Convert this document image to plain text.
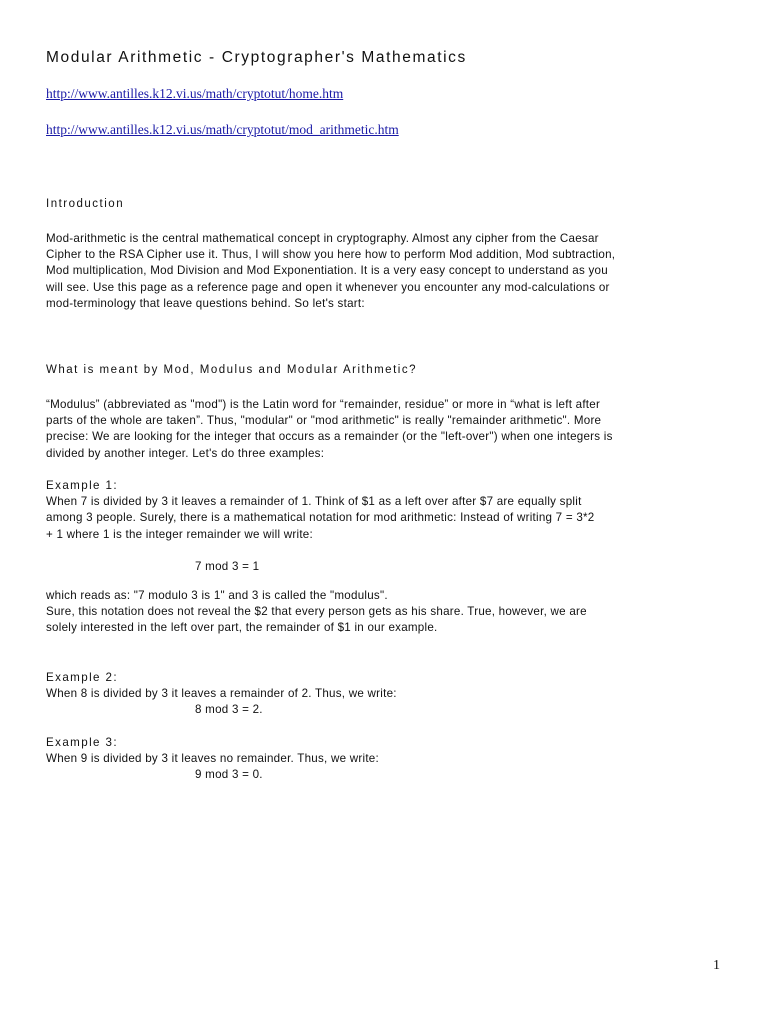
Modular Arithmetic - Cryptographer's Mathematics
http://www.antilles.k12.vi.us/math/cryptotut/home.htm
http://www.antilles.k12.vi.us/math/cryptotut/mod_arithmetic.htm
Introduction
Mod-arithmetic is the central mathematical concept in cryptography. Almost any cipher from the Caesar
Cipher to the RSA Cipher use it. Thus, I will show you here how to perform Mod addition, Mod subtraction,
Mod multiplication, Mod Division and Mod Exponentiation. It is a very easy concept to understand as you
will see. Use this page as a reference page and open it whenever you encounter any mod-calculations or
mod-terminology that leave questions behind. So let's start:
What is meant by Mod, Modulus and Modular Arithmetic?
“Modulus” (abbreviated as "mod") is the Latin word for “remainder, residue” or more in “what is left after
parts of the whole are taken”. Thus, "modular" or "mod arithmetic" is really "remainder arithmetic". More
precise: We are looking for the integer that occurs as a remainder (or the "left-over") when one integers is
divided by another integer. Let's do three examples:
Example 1:
When 7 is divided by 3 it leaves a remainder of 1. Think of $1 as a left over after $7 are equally split
among 3 people. Surely, there is a mathematical notation for mod arithmetic: Instead of writing 7 = 3*2
+ 1 where 1 is the integer remainder we will write:
7 mod 3 = 1
which reads as: "7 modulo 3 is 1" and 3 is called the "modulus".
Sure, this notation does not reveal the $2 that every person gets as his share. True, however, we are
solely interested in the left over part, the remainder of $1 in our example.
Example 2:
When 8 is divided by 3 it leaves a remainder of 2. Thus, we write:
8 mod 3 = 2.
Example 3:
When 9 is divided by 3 it leaves no remainder. Thus, we write:
9 mod 3 = 0.
1
